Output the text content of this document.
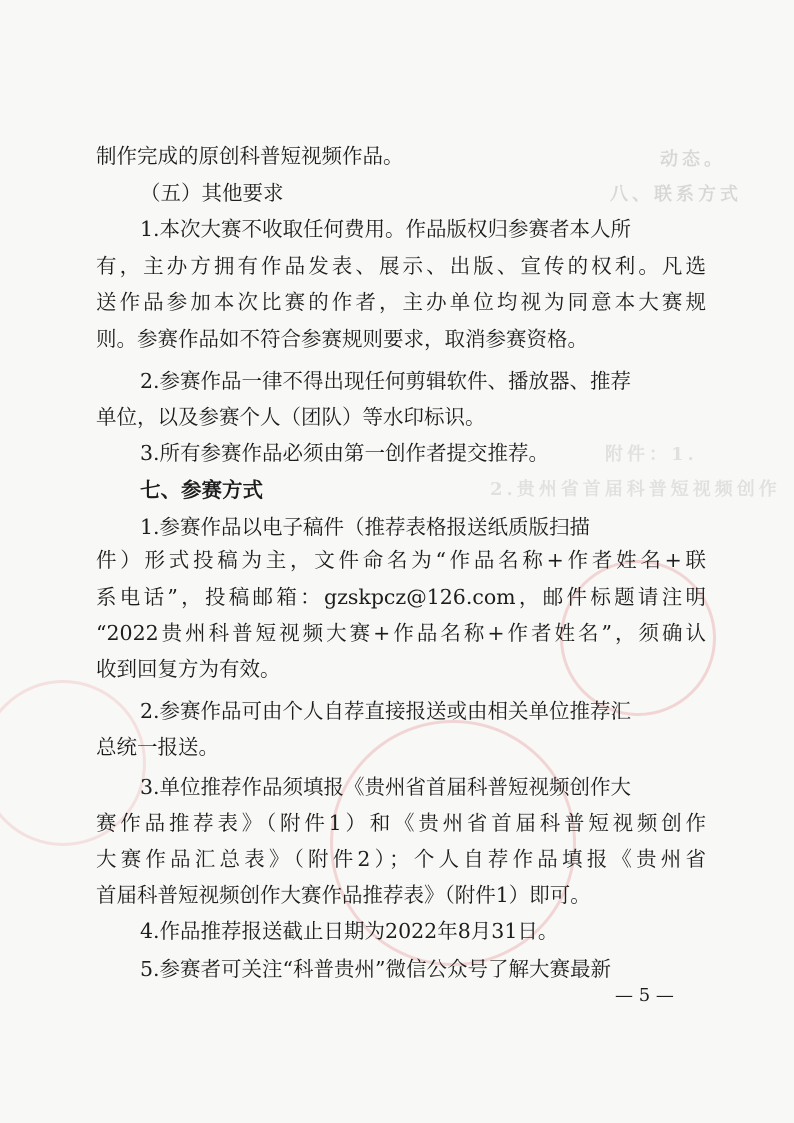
动态。
八、联系方式
附件：1.
2.贵州省首届科普短视频创作
制作完成的原创科普短视频作品。
（五）其他要求
1.本次大赛不收取任何费用。作品版权归参赛者本人所
有，主办方拥有作品发表、展示、出版、宣传的权利。凡选
送作品参加本次比赛的作者，主办单位均视为同意本大赛规
则。参赛作品如不符合参赛规则要求，取消参赛资格。
2.参赛作品一律不得出现任何剪辑软件、播放器、推荐
单位，以及参赛个人（团队）等水印标识。
3.所有参赛作品必须由第一创作者提交推荐。
七、参赛方式
1.参赛作品以电子稿件（推荐表格报送纸质版扫描
件）形式投稿为主，文件命名为“作品名称+作者姓名+联
系电话”，投稿邮箱：gzskpcz@126.com，邮件标题请注明
“2022贵州科普短视频大赛+作品名称+作者姓名”，须确认
收到回复方为有效。
2.参赛作品可由个人自荐直接报送或由相关单位推荐汇
总统一报送。
3.单位推荐作品须填报《贵州省首届科普短视频创作大
赛作品推荐表》（附件1）和《贵州省首届科普短视频创作
大赛作品汇总表》（附件2）；个人自荐作品填报《贵州省
首届科普短视频创作大赛作品推荐表》（附件1）即可。
4.作品推荐报送截止日期为2022年8月31日。
5.参赛者可关注“科普贵州”微信公众号了解大赛最新
— 5 —
